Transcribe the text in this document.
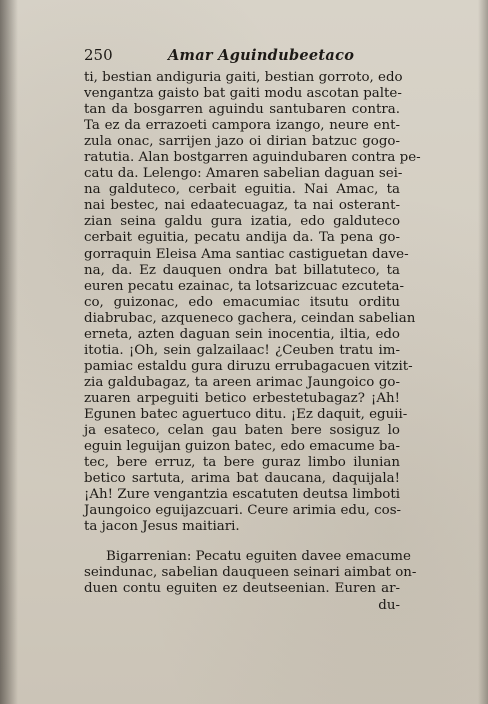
250	Amar Aguindubeetaco
ti, bestian andiguria gaiti, bestian gorroto, edo
vengantza gaisto bat gaiti modu ascotan palte-
tan da bosgarren aguindu santubaren contra.
Ta ez da errazoeti campora izango, neure ent-
zula onac, sarrijen jazo oi dirian batzuc gogo-
ratutia. Alan bostgarren aguindubaren contra pe-
catu da. Lelengo: Amaren sabelian daguan sei-
na galduteco, cerbait eguitia. Nai Amac, ta
nai bestec, nai edaatecuagaz, ta nai osterant-
zian seina galdu gura izatia, edo galduteco
cerbait eguitia, pecatu andija da. Ta pena go-
gorraquin Eleisa Ama santiac castiguetan dave-
na, da. Ez dauquen ondra bat billatuteco, ta
euren pecatu ezainac, ta lotsarizcuac ezcuteta-
co, guizonac, edo emacumiac itsutu orditu
diabrubac, azqueneco gachera, ceindan sabelian
erneta, azten daguan sein inocentia, iltia, edo
itotia. ¡Oh, sein galzailaac! ¿Ceuben tratu im-
pamiac estaldu gura diruzu errubagacuen vitzit-
zia galdubagaz, ta areen arimac Jaungoico go-
zuaren arpeguiti betico erbestetubagaz? ¡Ah!
Egunen batec aguertuco ditu. ¡Ez daquit, eguii-
ja esateco, celan gau baten bere sosiguz lo
eguin leguijan guizon batec, edo emacume ba-
tec, bere erruz, ta bere guraz limbo ilunian
betico sartuta, arima bat daucana, daquijala!
¡Ah! Zure vengantzia escatuten deutsa limboti
Jaungoico eguijazcuari. Ceure arimia edu, cos-
ta jacon Jesus maitiari.
Bigarrenian: Pecatu eguiten davee emacume
seindunac, sabelian dauqueen seinari aimbat on-
duen contu eguiten ez deutseenian. Euren ar-
du-
